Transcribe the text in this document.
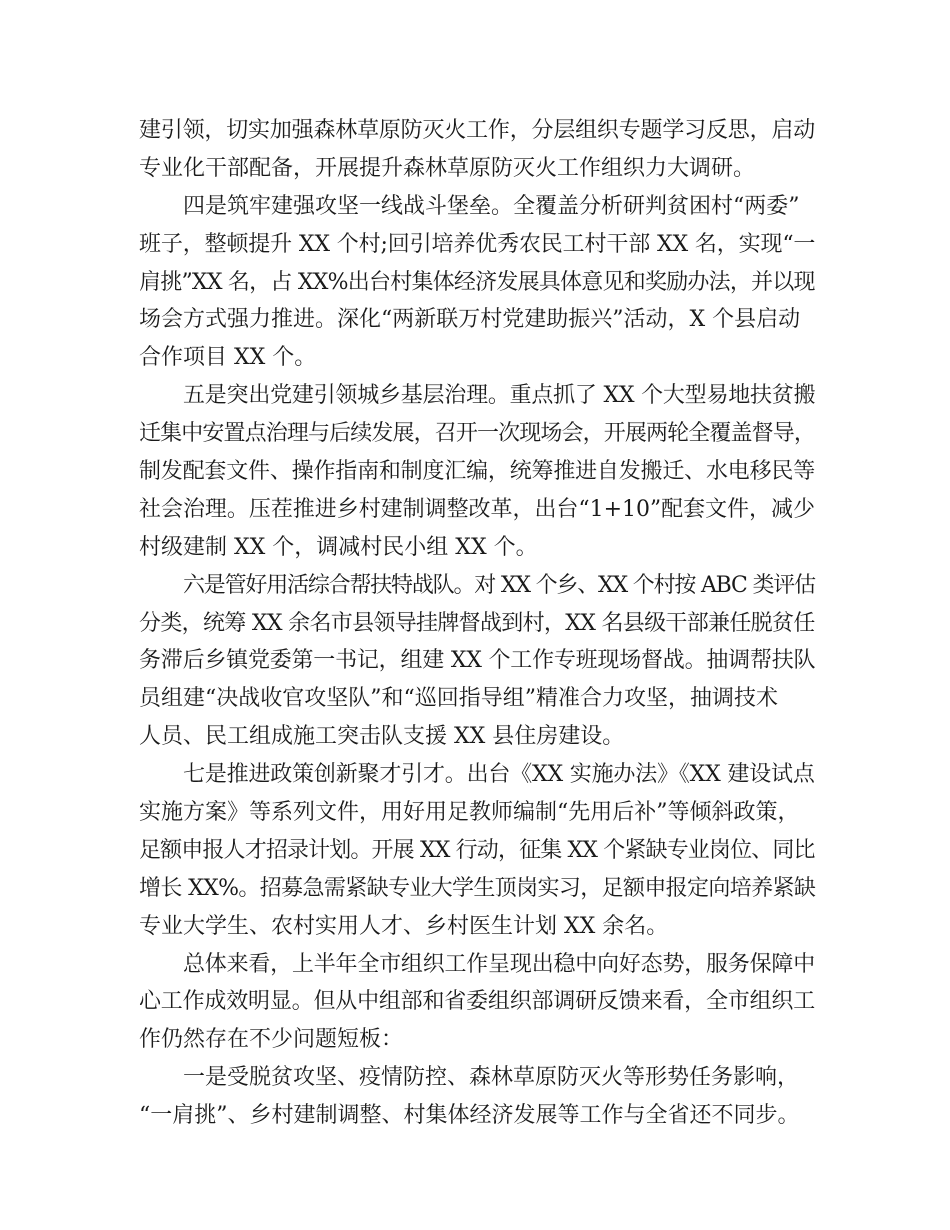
建引领，切实加强森林草原防灭火工作，分层组织专题学习反思，启动
专业化干部配备，开展提升森林草原防灭火工作组织力大调研。
四是筑牢建强攻坚一线战斗堡垒。全覆盖分析研判贫困村“两委”
班子，整顿提升 XX 个村;回引培养优秀农民工村干部 XX 名，实现“一
肩挑”XX 名，占 XX%出台村集体经济发展具体意见和奖励办法，并以现
场会方式强力推进。深化“两新联万村党建助振兴”活动，X 个县启动
合作项目 XX 个。
五是突出党建引领城乡基层治理。重点抓了 XX 个大型易地扶贫搬
迁集中安置点治理与后续发展，召开一次现场会，开展两轮全覆盖督导，
制发配套文件、操作指南和制度汇编，统筹推进自发搬迁、水电移民等
社会治理。压茬推进乡村建制调整改革，出台“1+10”配套文件，减少
村级建制 XX 个，调减村民小组 XX 个。
六是管好用活综合帮扶特战队。对 XX 个乡、XX 个村按 ABC 类评估
分类，统筹 XX 余名市县领导挂牌督战到村，XX 名县级干部兼任脱贫任
务滞后乡镇党委第一书记，组建 XX 个工作专班现场督战。抽调帮扶队
员组建“决战收官攻坚队”和“巡回指导组”精准合力攻坚，抽调技术
人员、民工组成施工突击队支援 XX 县住房建设。
七是推进政策创新聚才引才。出台《XX 实施办法》《XX 建设试点
实施方案》等系列文件，用好用足教师编制“先用后补”等倾斜政策，
足额申报人才招录计划。开展 XX 行动，征集 XX 个紧缺专业岗位、同比
增长 XX%。招募急需紧缺专业大学生顶岗实习，足额申报定向培养紧缺
专业大学生、农村实用人才、乡村医生计划 XX 余名。
总体来看，上半年全市组织工作呈现出稳中向好态势，服务保障中
心工作成效明显。但从中组部和省委组织部调研反馈来看，全市组织工
作仍然存在不少问题短板：
一是受脱贫攻坚、疫情防控、森林草原防灭火等形势任务影响，
“一肩挑”、乡村建制调整、村集体经济发展等工作与全省还不同步。
